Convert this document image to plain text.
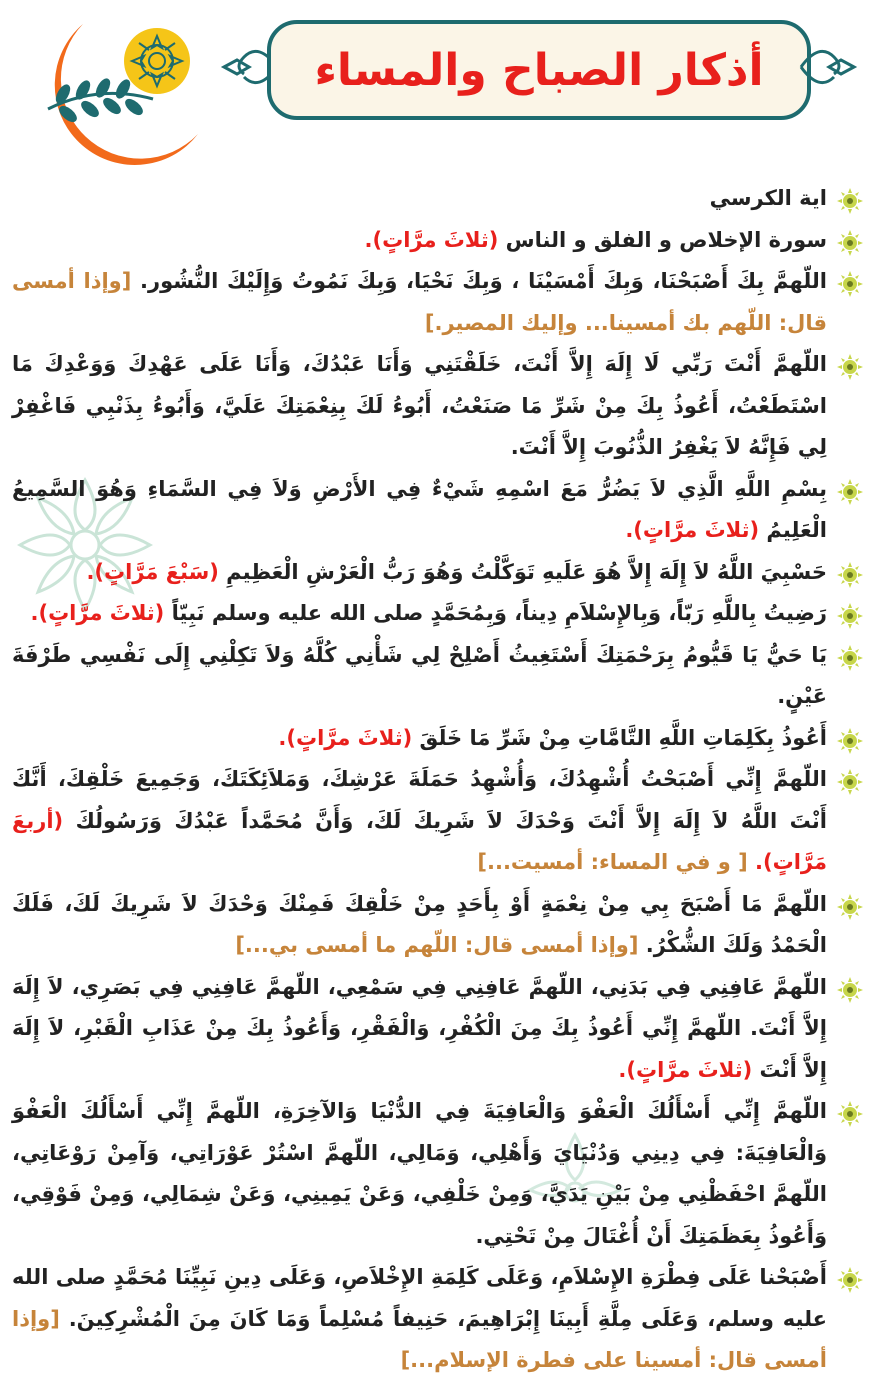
أذكار الصباح والمساء

اية الكرسي

سورة الإخلاص و الفلق و الناس (ثلاثَ مرَّاتٍ).

اللّهمَّ بِكَ أَصْبَحْنَا، وَبِكَ أَمْسَيْنَا ، وَبِكَ نَحْيَا، وَبِكَ نَمُوتُ وَإِلَيْكَ النُّشُور. [وإذا أمسى قال: اللّهم بك أمسينا... وإليك المصير.]

اللّهمَّ أَنْتَ رَبِّي لَا إِلَهَ إِلاَّ أَنْتَ، خَلَقْتَنِي وَأَنَا عَبْدُكَ، وَأَنَا عَلَى عَهْدِكَ وَوَعْدِكَ مَا اسْتَطَعْتُ، أَعُوذُ بِكَ مِنْ شَرِّ مَا صَنَعْتُ، أَبُوءُ لَكَ بِنِعْمَتِكَ عَلَيَّ، وَأَبُوءُ بِذَنْبِي فَاغْفِرْ لِي فَإِنَّهُ لاَ يَغْفِرُ الذُّنُوبَ إِلاَّ أَنْتَ.

بِسْمِ اللَّهِ الَّذِي لاَ يَضُرُّ مَعَ اسْمِهِ شَيْءٌ فِي الأَرْضِ وَلاَ فِي السَّمَاءِ وَهُوَ السَّمِيعُ الْعَلِيمُ (ثلاثَ مرَّاتٍ).

حَسْبِيَ اللَّهُ لاَ إِلَهَ إِلاَّ هُوَ عَلَيهِ تَوَكَّلْتُ وَهُوَ رَبُّ الْعَرْشِ الْعَظِيمِ (سَبْعَ مَرَّاتٍ).

رَضِيتُ بِاللَّهِ رَبّاً، وَبِالإِسْلاَمِ دِيناً، وَبِمُحَمَّدٍ صلى الله عليه وسلم نَبِيّاً (ثلاثَ مرَّاتٍ).

يَا حَيُّ يَا قَيُّومُ بِرَحْمَتِكَ أَسْتَغِيثُ أَصْلِحْ لِي شَأْنِي كُلَّهُ وَلاَ تَكِلْنِي إِلَى نَفْسِي طَرْفَةَ عَيْنٍ.

أَعُوذُ بِكَلِمَاتِ اللَّهِ التَّامَّاتِ مِنْ شَرِّ مَا خَلَقَ (ثلاثَ مرَّاتٍ).

اللّهمَّ إِنِّي أَصْبَحْتُ أُشْهِدُكَ، وَأُشْهِدُ حَمَلَةَ عَرْشِكَ، وَمَلاَئِكَتَكَ، وَجَمِيعَ خَلْقِكَ، أَنَّكَ أَنْتَ اللَّهُ لاَ إِلَهَ إِلاَّ أَنْتَ وَحْدَكَ لاَ شَرِيكَ لَكَ، وَأَنَّ مُحَمَّداً عَبْدُكَ وَرَسُولُكَ (أربعَ مَرَّاتٍ). [ و في المساء: أمسيت...]

اللّهمَّ مَا أَصْبَحَ بِي مِنْ نِعْمَةٍ أَوْ بِأَحَدٍ مِنْ خَلْقِكَ فَمِنْكَ وَحْدَكَ لاَ شَرِيكَ لَكَ، فَلَكَ الْحَمْدُ وَلَكَ الشُّكْرُ. [وإذا أمسى قال: اللّهم ما أمسى بي...]

اللّهمَّ عَافِنِي فِي بَدَنِي، اللّهمَّ عَافِنِي فِي سَمْعِي، اللّهمَّ عَافِنِي فِي بَصَرِي، لاَ إِلَهَ إِلاَّ أَنْتَ. اللّهمَّ إِنِّي أَعُوذُ بِكَ مِنَ الْكُفْرِ، وَالْفَقْرِ، وَأَعُوذُ بِكَ مِنْ عَذَابِ الْقَبْرِ، لاَ إِلَهَ إِلاَّ أَنْتَ (ثلاثَ مرَّاتٍ).

اللّهمَّ إِنِّي أَسْأَلُكَ الْعَفْوَ وَالْعَافِيَةَ فِي الدُّنْيَا وَالآخِرَةِ، اللّهمَّ إِنِّي أَسْأَلُكَ الْعَفْوَ وَالْعَافِيَةَ: فِي دِينِي وَدُنْيَايَ وَأَهْلِي، وَمَالِي، اللّهمَّ اسْتُرْ عَوْرَاتِي، وَآمِنْ رَوْعَاتِي، اللّهمَّ احْفَظْنِي مِنْ بَيْنِ يَدَيَّ، وَمِنْ خَلْفِي، وَعَنْ يَمِينِي، وَعَنْ شِمَالِي، وَمِنْ فَوْقِي، وَأَعُوذُ بِعَظَمَتِكَ أَنْ أُغْتَالَ مِنْ تَحْتِي.

أَصْبَحْنا عَلَى فِطْرَةِ الإِسْلاَمِ، وَعَلَى كَلِمَةِ الإِخْلاَصِ، وَعَلَى دِينِ نَبِيِّنَا مُحَمَّدٍ صلى الله عليه وسلم، وَعَلَى مِلَّةِ أَبِينَا إِبْرَاهِيمَ، حَنِيفاً مُسْلِماً وَمَا كَانَ مِنَ الْمُشْرِكِينَ. [وإذا أمسى قال: أمسينا على فطرة الإسلام...]
